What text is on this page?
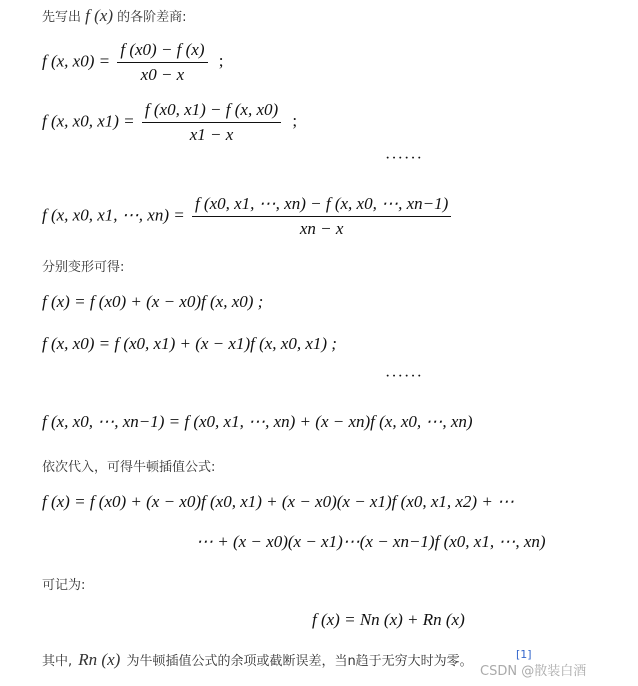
先写出 f (x) 的各阶差商:
f (x, $x0) = \frac{f (x0) - f (x)}{x0 - x}$ ;
f (x, x0, $x1) = \frac{f (x0, x1) - f (x, x0)}{x1 - x}$ ;
······
f (x, x0, x1, ⋯, $xn) = \frac{f (x0, x1, \cdots, xn) - f (x, x0, \cdots, xn-1)}{xn - x}$
分别变形可得:
f (x) = f (x0) + (x − x0)f (x, x0) ;
f (x, x0) = f (x0, x1) + (x − x1)f (x, x0, x1) ;
······
f (x, x0, ⋯, xn−1) = f (x0, x1, ⋯, xn) + (x − xn)f (x, x0, ⋯, xn)
依次代入，可得牛顿插值公式:
f (x) = f (x0) + (x − x0)f (x0, x1) + (x − x0)(x − x1)f (x0, x1, x2) + ⋯
⋯ + (x − x0)(x − x1)⋯(x − xn−1)f (x0, x1, ⋯, xn)
可记为:
f (x) = Nn (x) + Rn (x)
其中, Rn (x) 为牛顿插值公式的余项或截断误差，当n趋于无穷大时为零。	[1]
CSDN @散装白酒
